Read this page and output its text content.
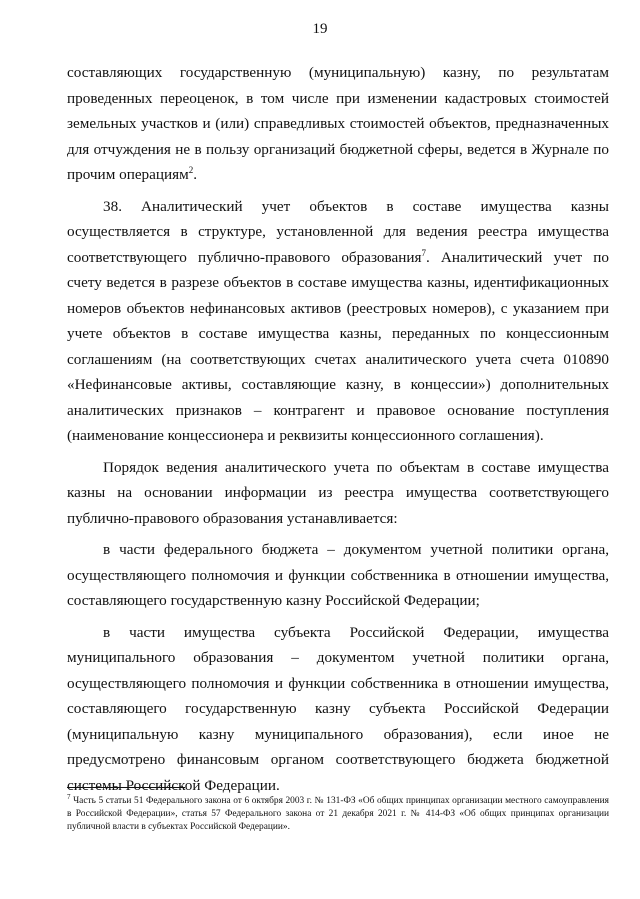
19

составляющих государственную (муниципальную) казну, по результатам проведенных переоценок, в том числе при изменении кадастровых стоимостей земельных участков и (или) справедливых стоимостей объектов, предназначенных для отчуждения не в пользу организаций бюджетной сферы, ведется в Журнале по прочим операциям$^2$.

38. Аналитический учет объектов в составе имущества казны осуществляется в структуре, установленной для ведения реестра имущества соответствующего публично-правового образования$^7$. Аналитический учет по счету ведется в разрезе объектов в составе имущества казны, идентификационных номеров объектов нефинансовых активов (реестровых номеров), с указанием при учете объектов в составе имущества казны, переданных по концессионным соглашениям (на соответствующих счетах аналитического учета счета 010890 «Нефинансовые активы, составляющие казну, в концессии») дополнительных аналитических признаков – контрагент и правовое основание поступления (наименование концессионера и реквизиты концессионного соглашения).

Порядок ведения аналитического учета по объектам в составе имущества казны на основании информации из реестра имущества соответствующего публично-правового образования устанавливается:

в части федерального бюджета – документом учетной политики органа, осуществляющего полномочия и функции собственника в отношении имущества, составляющего государственную казну Российской Федерации;

в части имущества субъекта Российской Федерации, имущества муниципального образования – документом учетной политики органа, осуществляющего полномочия и функции собственника в отношении имущества, составляющего государственную казну субъекта Российской Федерации (муниципальную казну муниципального образования), если иное не предусмотрено финансовым органом соответствующего бюджета бюджетной системы Российской Федерации.

$^7$ Часть 5 статьи 51 Федерального закона от 6 октября 2003 г. № 131-ФЗ «Об общих принципах организации местного самоуправления в Российской Федерации», статья 57 Федерального закона от 21 декабря 2021 г. № 414-ФЗ «Об общих принципах организации публичной власти в субъектах Российской Федерации».
